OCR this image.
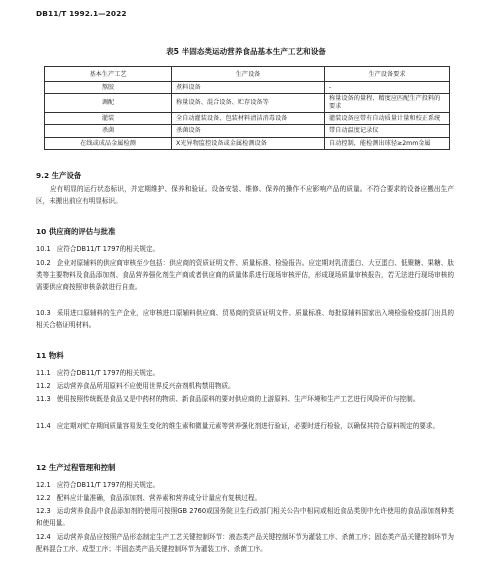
DB11/T 1992.1—2022
表5 半固态类运动营养食品基本生产工艺和设备
基本生产工艺	生产设备	生产设备要求
熬胶	煮料设备	-
调配	称量设备、混合设备、贮存设备等	称量设备的量程、精度应匹配生产投料的要求
灌装	全自动灌装设备、包装材料清洁消毒设备	灌装设备应带有自动质量计量和校正系统
杀菌	杀菌设备	带自动温度记录仪
在线或成品金属检测	X光异物监控设备或金属检测设备	自动控制，能检测出球径≥2mm金属
9.2 生产设备

应有明显的运行状态标识，并定期维护、保养和验证。设备安装、维修、保养的操作不应影响产品的质量。不符合要求的设备应搬出生产区，未搬出前应有明显标识。

10 供应商的评估与批准

10.1 应符合DB11/T 1797的相关规定。

10.2 企业对原辅料的供应商审核至少包括：供应商的资质证明文件、质量标准、检验报告。应定期对乳清蛋白、大豆蛋白、低聚糖、果糖、肽类等主要物料及食品添加剂、食品营养强化剂生产商或者供应商的质量体系进行现场审核评估，形成现场质量审核报告，若无法进行现场审核的需要供应商按照审核条款进行自查。

10.3 采用进口原辅料的生产企业，应审核进口原辅料供应商、贸易商的资质证明文件、质量标准、每批原辅料国家出入境检验检疫部门出具的相关合格证明材料。

11 物料

11.1 应符合DB11/T 1797的相关规定。

11.2 运动营养食品所用原料不应使用世界反兴奋剂机构禁用物质。

11.3 使用按照传统既是食品又是中药材的物质、新食品原料的要对供应商的上游原料、生产环境和生产工艺进行风险评价与控制。

11.4 应定期对贮存期间质量容易发生变化的维生素和微量元素等营养强化剂进行验证，必要时进行检验，以确保其符合原料规定的要求。

12 生产过程管理和控制

12.1 应符合DB11/T 1797的相关规定。

12.2 配料应计量准确，食品添加剂、营养素和营养成分计量应有复核过程。

12.3 运动营养食品中食品添加剂的使用可按照GB 2760或国务院卫生行政部门相关公告中相同或相近食品类别中允许使用的食品添加剂种类和使用量。

12.4 运动营养食品应按照产品形态制定生产工艺关键控制环节：液态类产品关键控制环节为灌装工序、杀菌工序；固态类产品关键控制环节为配料混合工序、成型工序；半固态类产品关键控制环节为灌装工序、杀菌工序。
